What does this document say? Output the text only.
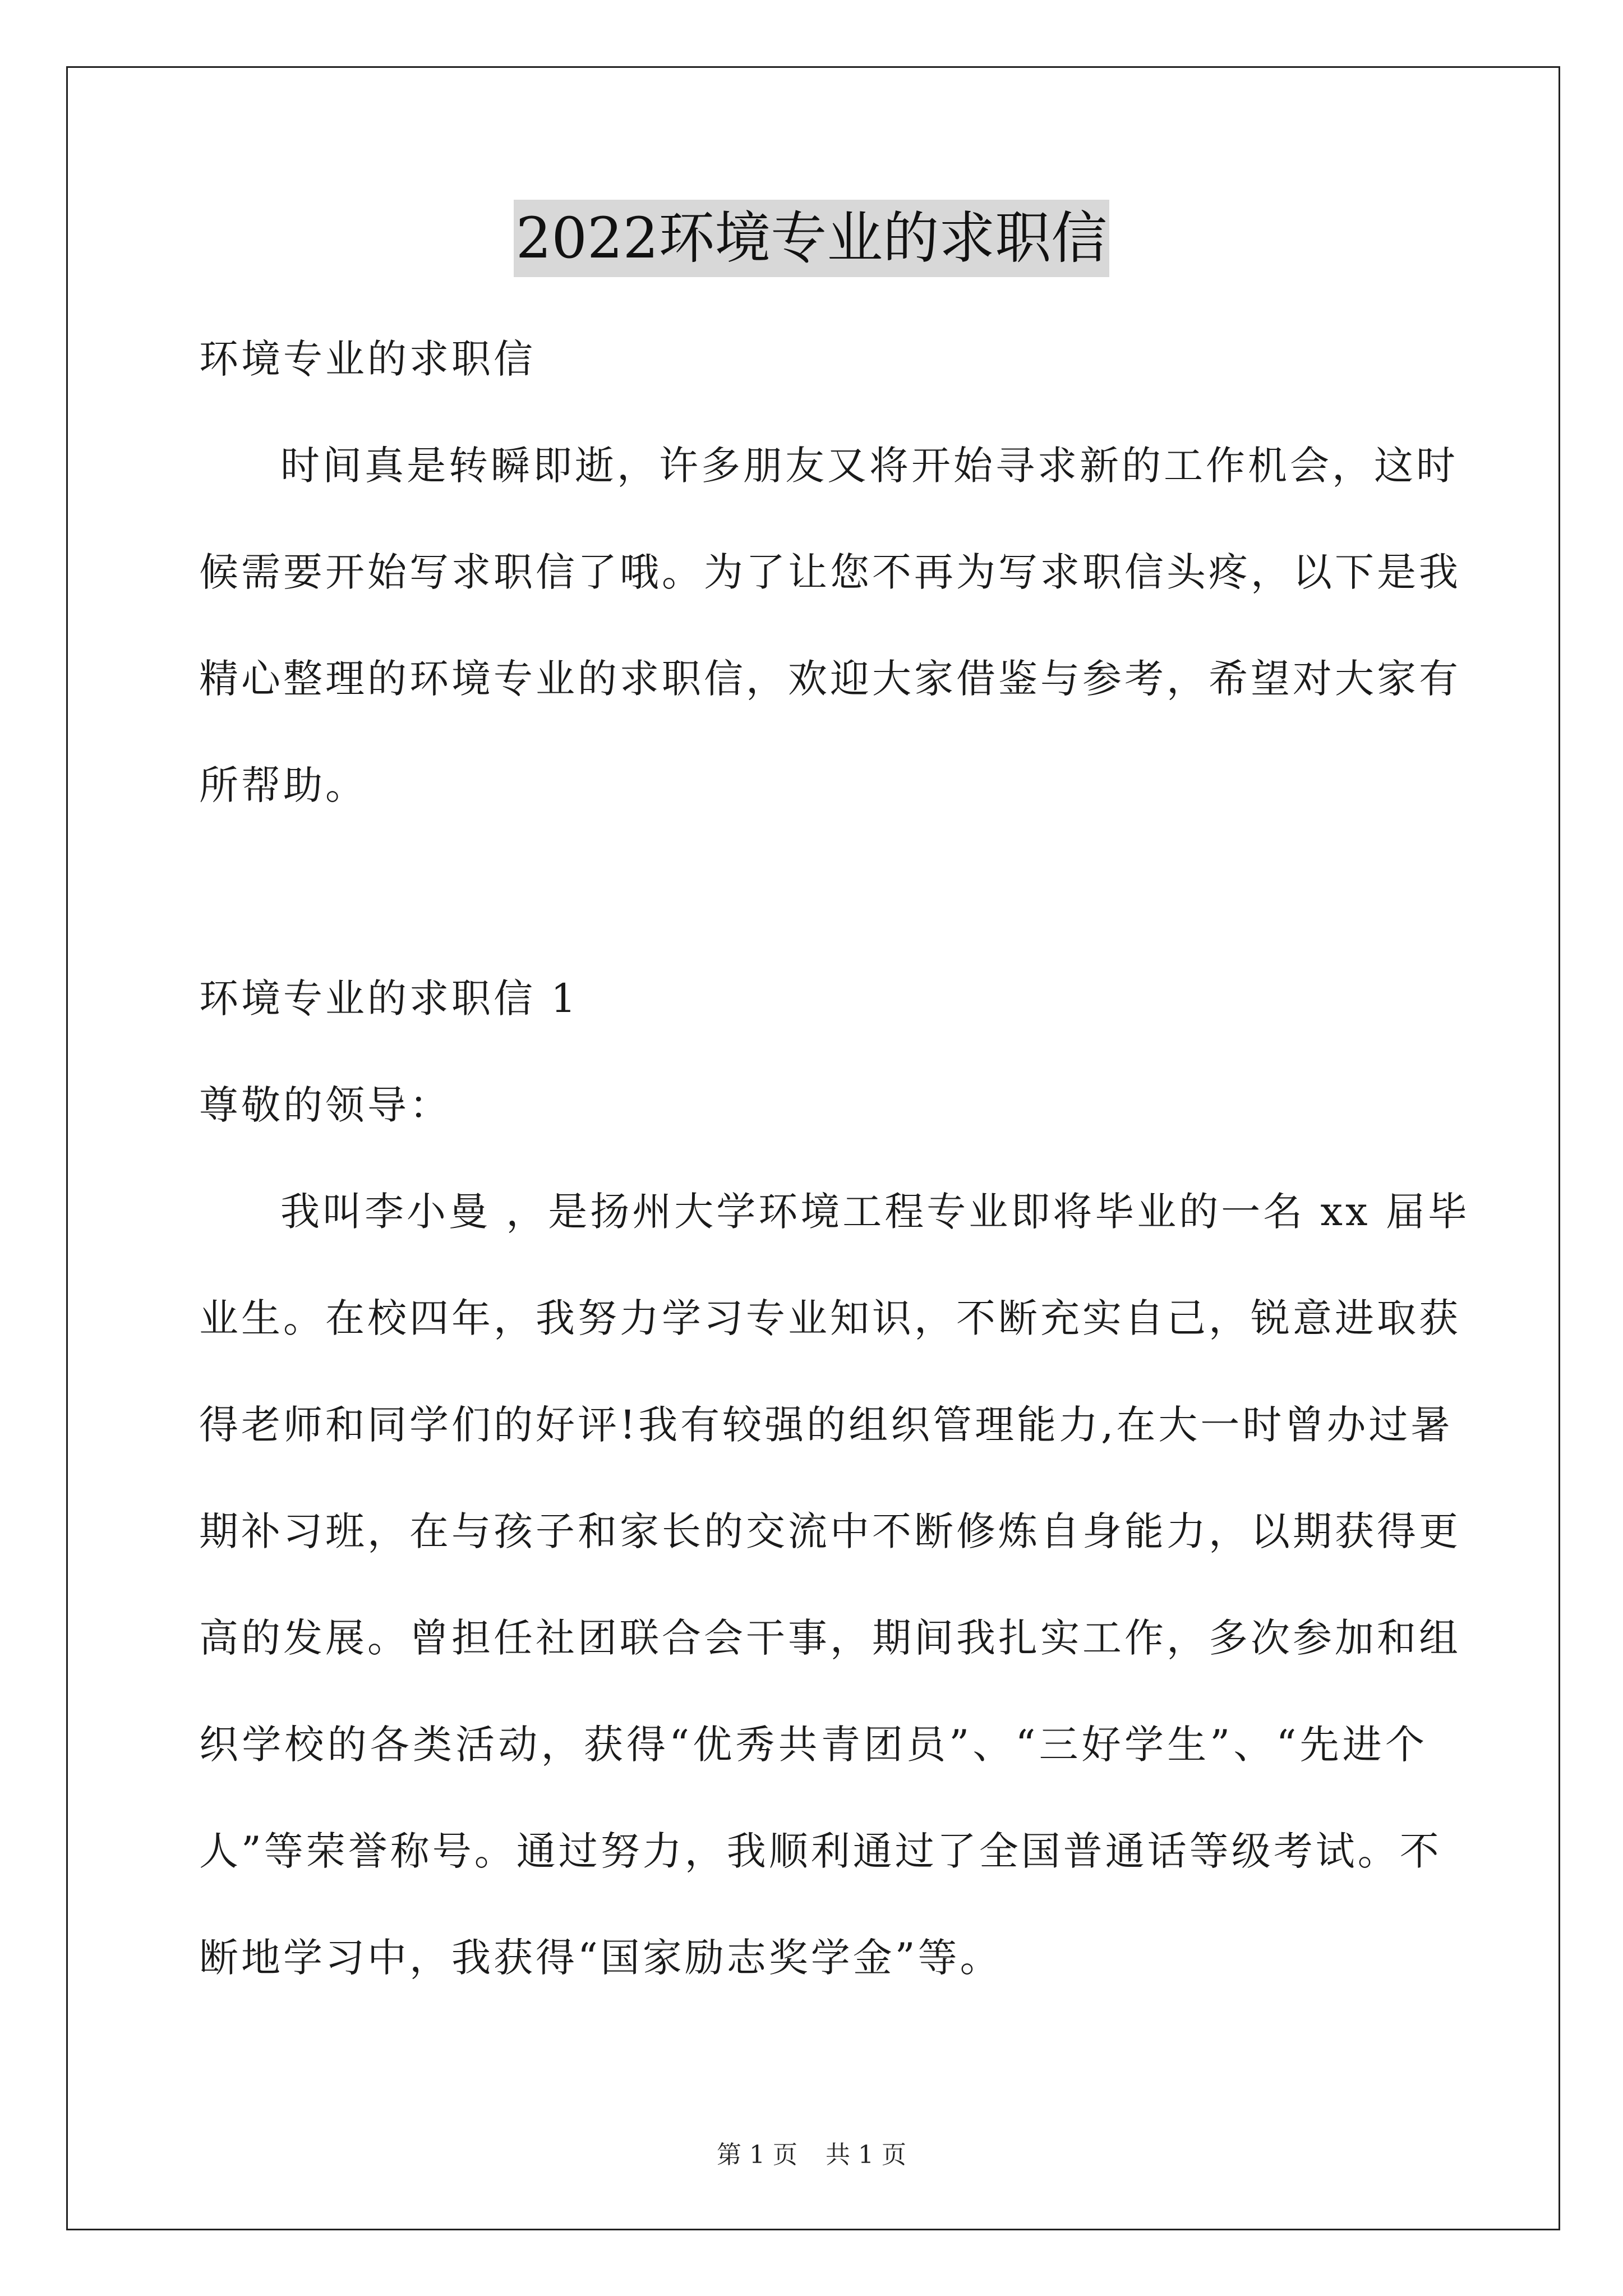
2022环境专业的求职信
环境专业的求职信
时间真是转瞬即逝，许多朋友又将开始寻求新的工作机会，这时
候需要开始写求职信了哦。为了让您不再为写求职信头疼，以下是我
精心整理的环境专业的求职信，欢迎大家借鉴与参考，希望对大家有
所帮助。
环境专业的求职信 1
尊敬的领导：
我叫李小曼 ，是扬州大学环境工程专业即将毕业的一名 xx 届毕
业生。在校四年，我努力学习专业知识，不断充实自己，锐意进取获
得老师和同学们的好评!我有较强的组织管理能力,在大一时曾办过暑
期补习班，在与孩子和家长的交流中不断修炼自身能力，以期获得更
高的发展。曾担任社团联合会干事，期间我扎实工作，多次参加和组
织学校的各类活动，获得“优秀共青团员”、“三好学生”、“先进个
人”等荣誉称号。通过努力，我顺利通过了全国普通话等级考试。不
断地学习中，我获得“国家励志奖学金”等。
第 1 页 共 1 页
